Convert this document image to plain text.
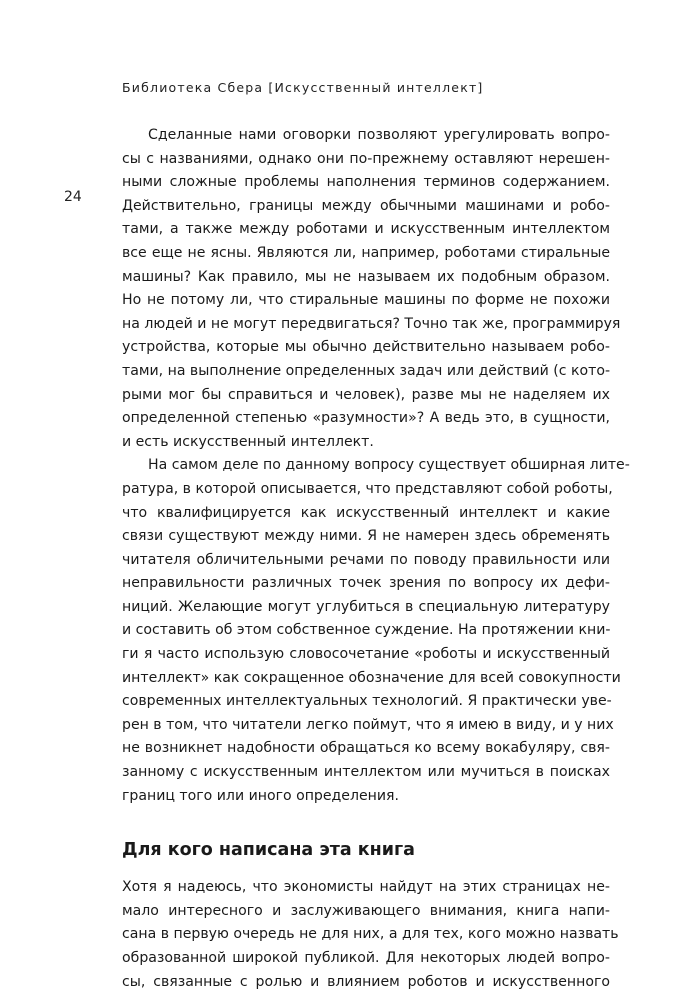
Библиотека Сбера [Искусственный интеллект]
24
Сделанные нами оговорки позволяют урегулировать вопро-
сы с названиями, однако они по-прежнему оставляют нерешен-
ными сложные проблемы наполнения терминов содержанием.
Действительно, границы между обычными машинами и робо-
тами, а также между роботами и искусственным интеллектом
все еще не ясны. Являются ли, например, роботами стиральные
машины? Как правило, мы не называем их подобным образом.
Но не потому ли, что стиральные машины по форме не похожи
на людей и не могут передвигаться? Точно так же, программируя
устройства, которые мы обычно действительно называем робо-
тами, на выполнение определенных задач или действий (с кото-
рыми мог бы справиться и человек), разве мы не наделяем их
определенной степенью «разумности»? А ведь это, в сущности,
и есть искусственный интеллект.
На самом деле по данному вопросу существует обширная лите-
ратура, в которой описывается, что представляют собой роботы,
что квалифицируется как искусственный интеллект и какие
связи существуют между ними. Я не намерен здесь обременять
читателя обличительными речами по поводу правильности или
неправильности различных точек зрения по вопросу их дефи-
ниций. Желающие могут углубиться в специальную литературу
и составить об этом собственное суждение. На протяжении кни-
ги я часто использую словосочетание «роботы и искусственный
интеллект» как сокращенное обозначение для всей совокупности
современных интеллектуальных технологий. Я практически уве-
рен в том, что читатели легко поймут, что я имею в виду, и у них
не возникнет надобности обращаться ко всему вокабуляру, свя-
занному с искусственным интеллектом или мучиться в поисках
границ того или иного определения.
Для кого написана эта книга
Хотя я надеюсь, что экономисты найдут на этих страницах не-
мало интересного и заслуживающего внимания, книга напи-
сана в первую очередь не для них, а для тех, кого можно назвать
образованной широкой публикой. Для некоторых людей вопро-
сы, связанные с ролью и влиянием роботов и искусственного
